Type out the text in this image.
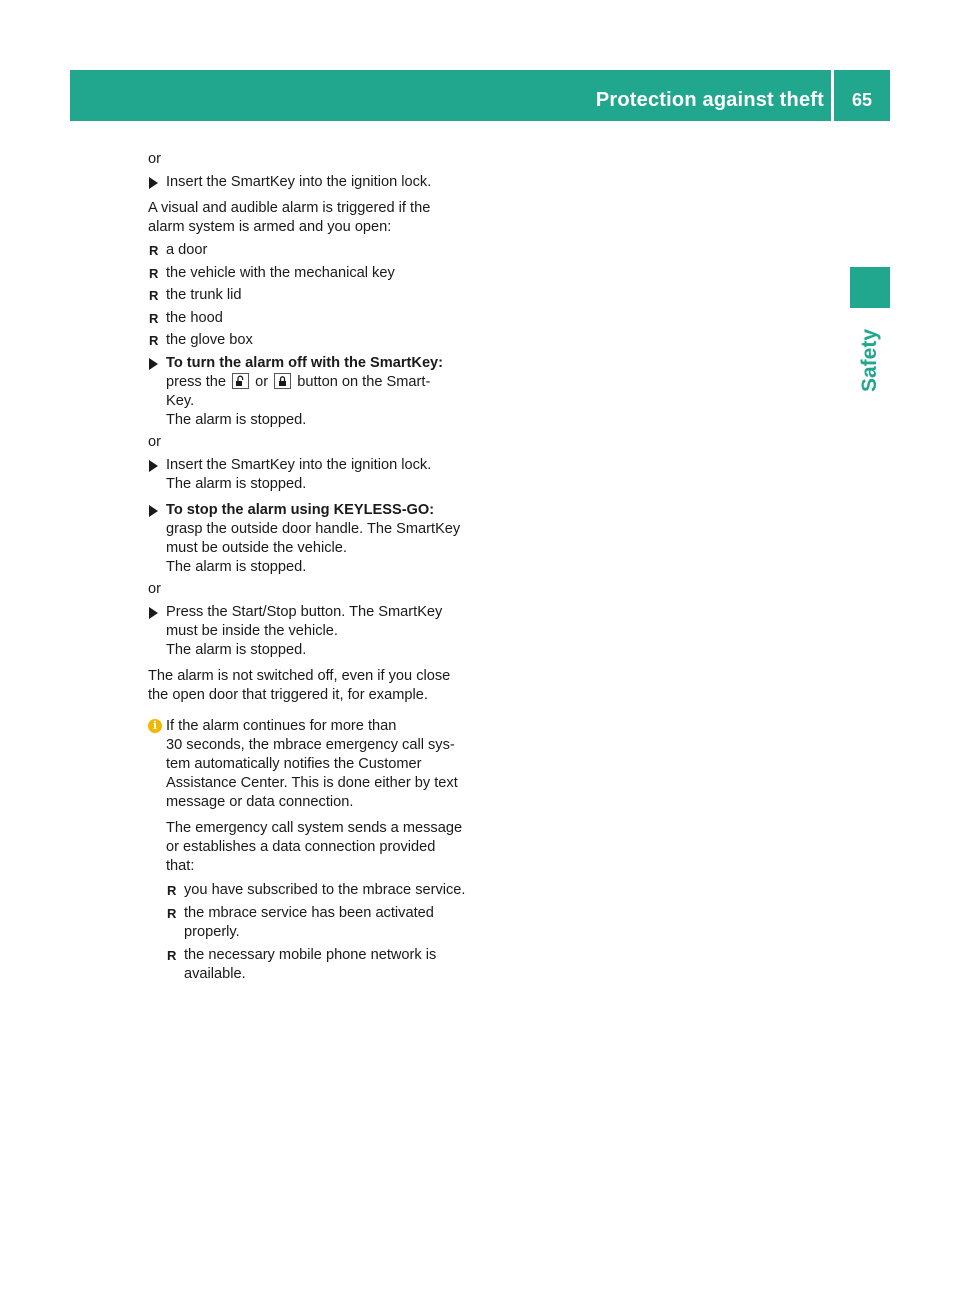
Protection against theft 65
Safety

or

Insert the SmartKey into the ignition lock.

A visual and audible alarm is triggered if the
alarm system is armed and you open:

R a door
R the vehicle with the mechanical key
R the trunk lid
R the hood
R the glove box
To turn the alarm off with the SmartKey:
press the or button on the Smart-
Key.
The alarm is stopped.

or

Insert the SmartKey into the ignition lock.
The alarm is stopped.
To stop the alarm using KEYLESS-GO:
grasp the outside door handle. The SmartKey
must be outside the vehicle.
The alarm is stopped.

or

Press the Start/Stop button. The SmartKey
must be inside the vehicle.
The alarm is stopped.

The alarm is not switched off, even if you close
the open door that triggered it, for example.

i If the alarm continues for more than
30 seconds, the mbrace emergency call sys-
tem automatically notifies the Customer
Assistance Center. This is done either by text
message or data connection.

The emergency call system sends a message
or establishes a data connection provided
that:

R you have subscribed to the mbrace service.
R the mbrace service has been activated properly.
R the necessary mobile phone network is available.
